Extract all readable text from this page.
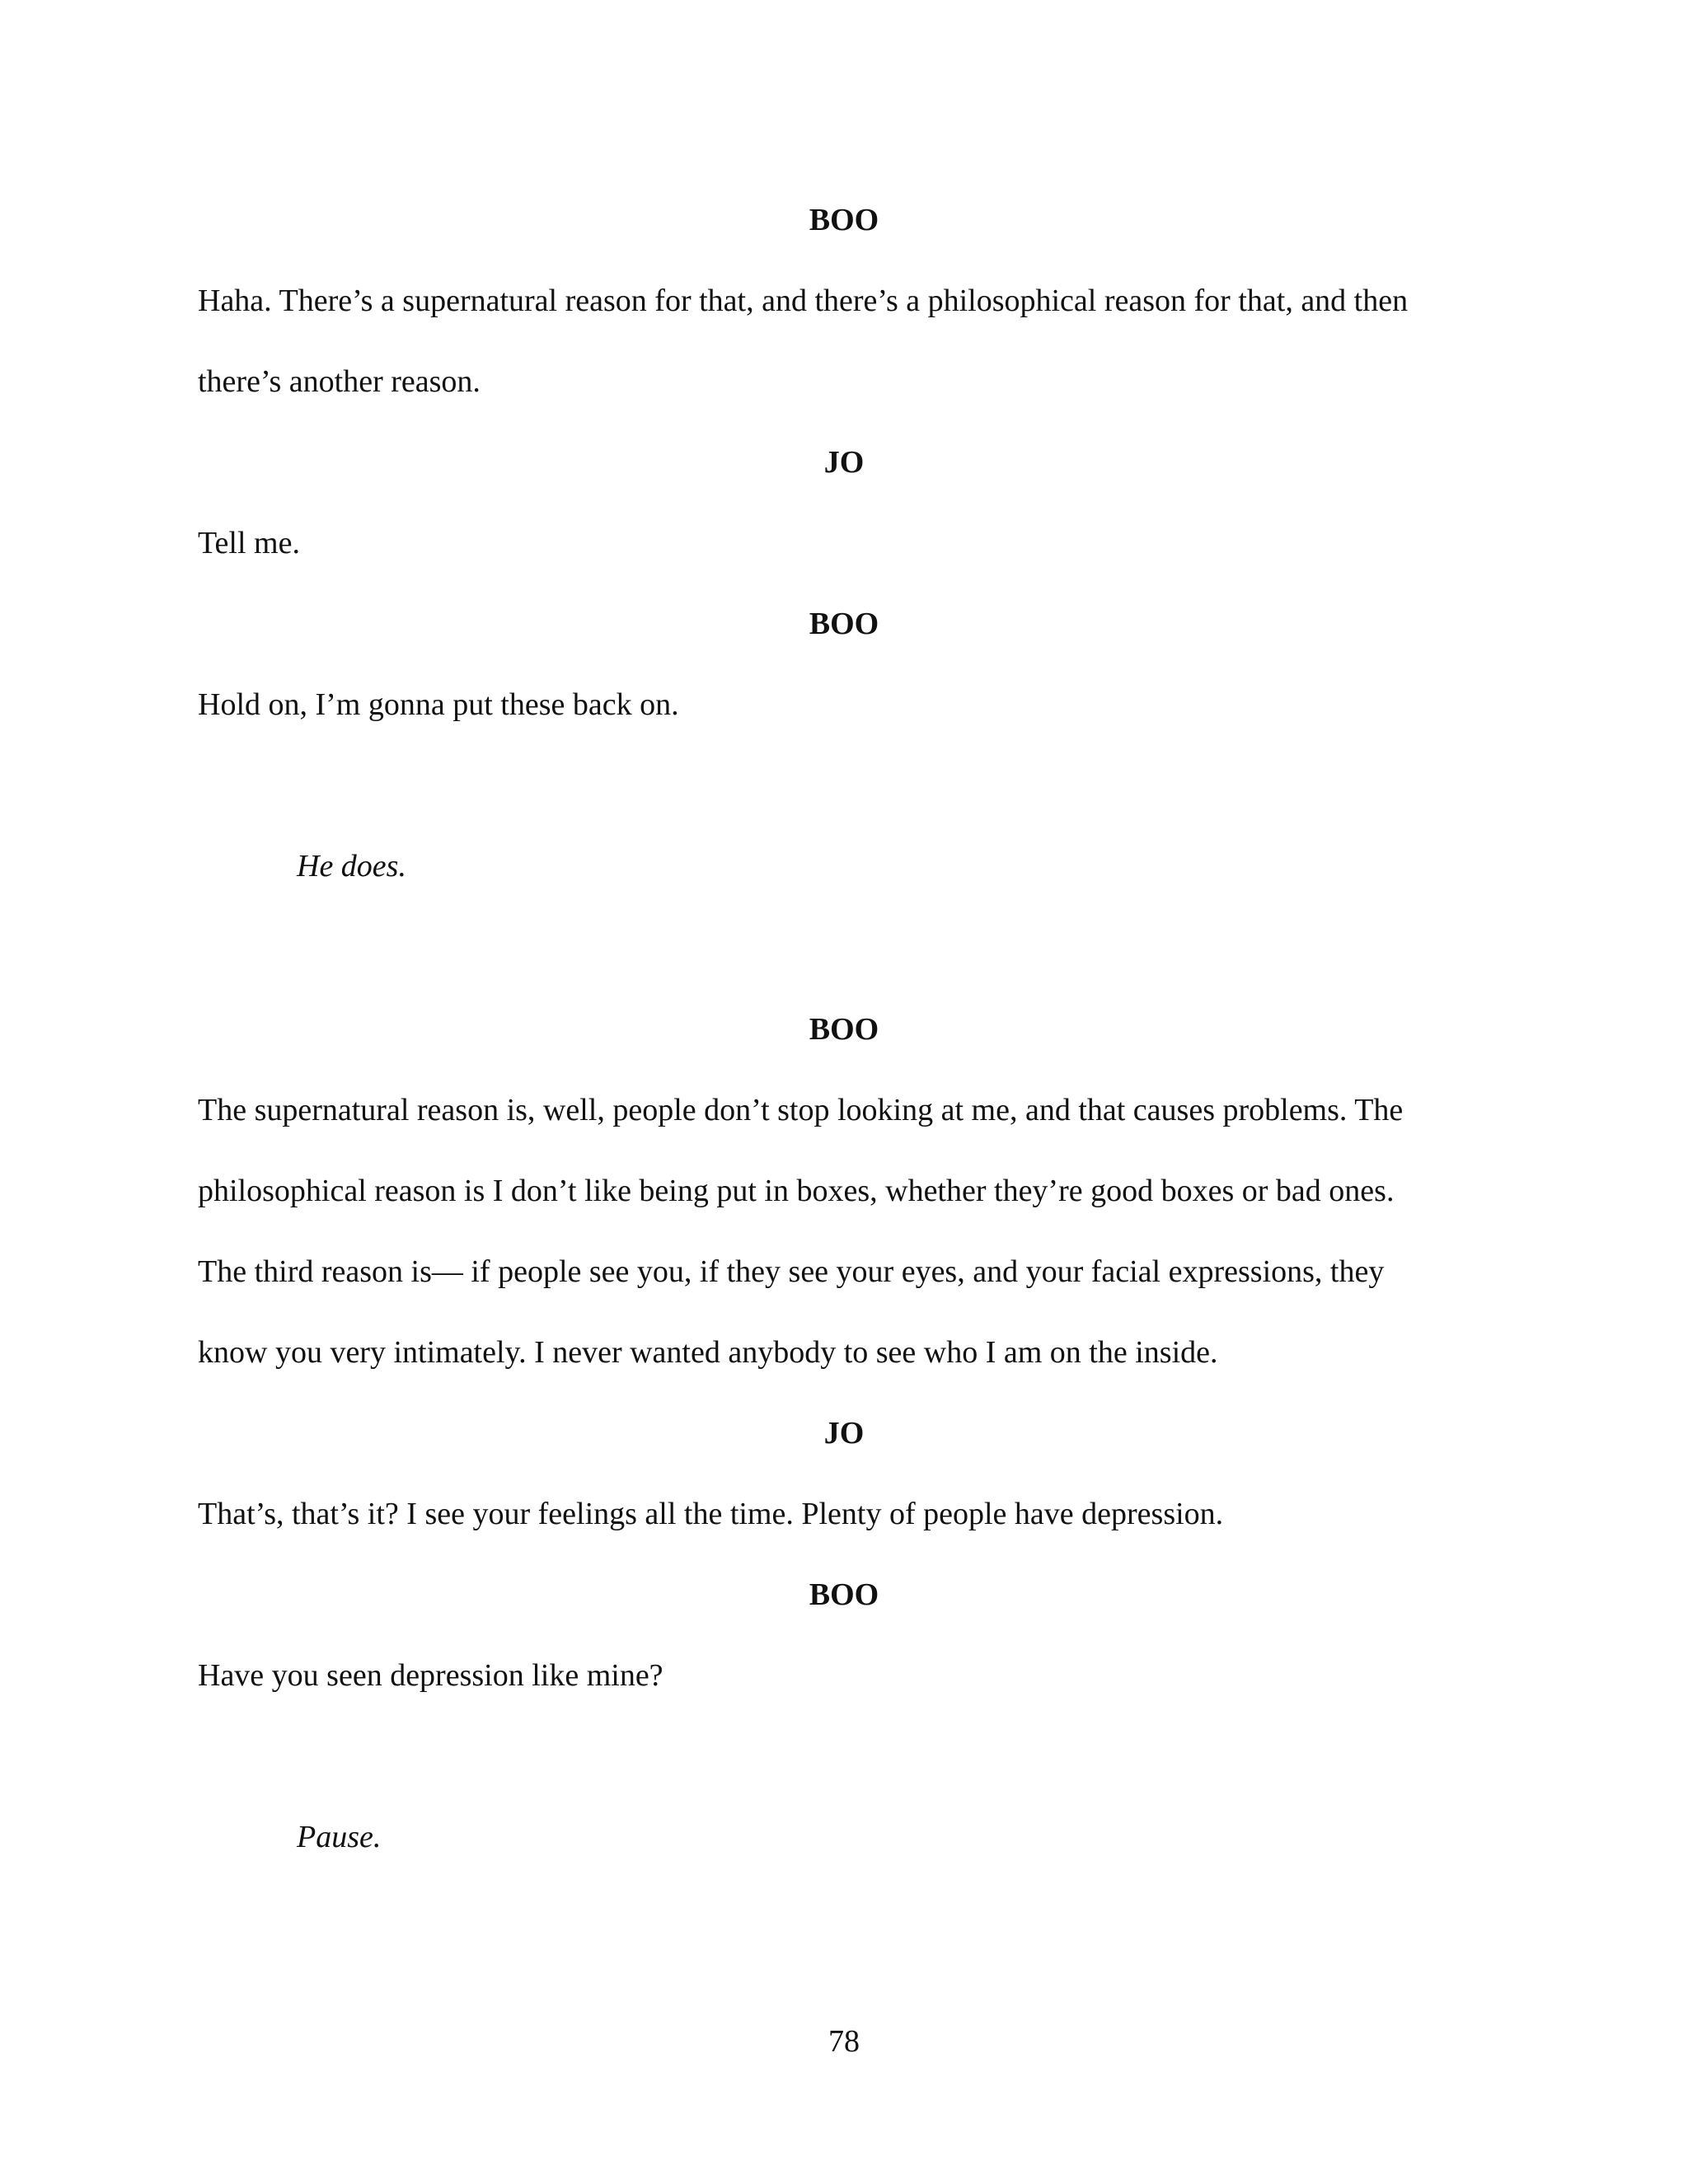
BOO
Haha. There’s a supernatural reason for that, and there’s a philosophical reason for that, and then
there’s another reason.
JO
Tell me.
BOO
Hold on, I’m gonna put these back on.
He does.
BOO
The supernatural reason is, well, people don’t stop looking at me, and that causes problems. The
philosophical reason is I don’t like being put in boxes, whether they’re good boxes or bad ones.
The third reason is— if people see you, if they see your eyes, and your facial expressions, they
know you very intimately. I never wanted anybody to see who I am on the inside.
JO
That’s, that’s it? I see your feelings all the time. Plenty of people have depression.
BOO
Have you seen depression like mine?
Pause.
78
